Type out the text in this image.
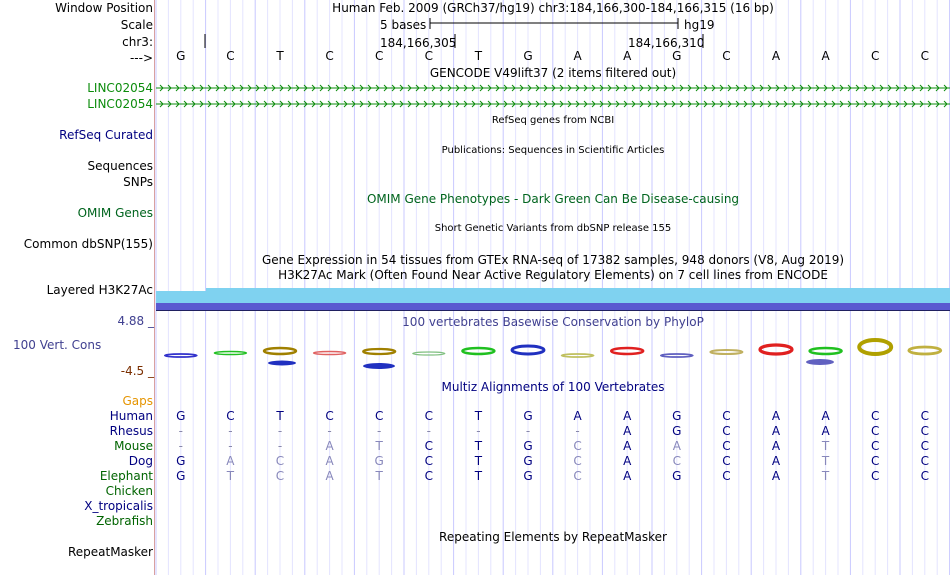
Window Position
Scale
chr3:
--->
Human Feb. 2009 (GRCh37/hg19) chr3:184,166,300-184,166,315 (16 bp)
5 bases	hg19
184,166,305	184,166,310
G	C	T	C	C	C	T	G	A	A	G	C	A	A	C	C
GENCODE V49lift37 (2 items filtered out)
LINC02054
LINC02054
RefSeq genes from NCBI
RefSeq Curated
Publications: Sequences in Scientific Articles
Sequences
SNPs
OMIM Gene Phenotypes - Dark Green Can Be Disease-causing
OMIM Genes
Short Genetic Variants from dbSNP release 155
Common dbSNP(155)
Gene Expression in 54 tissues from GTEx RNA-seq of 17382 samples, 948 donors (V8, Aug 2019)
H3K27Ac Mark (Often Found Near Active Regulatory Elements) on 7 cell lines from ENCODE
Layered H3K27Ac
4.88 _	100 vertebrates Basewise Conservation by PhyloP
100 Vert. Cons
-4.5 _
Multiz Alignments of 100 Vertebrates
Gaps
Human	G	C	T	C	C	C	T	G	A	A	G	C	A	A	C	C
Rhesus	-	-	-	-	-	-	-	-	-	A	G	C	A	A	C	C
Mouse	-	-	-	A	T	C	T	G	C	A	A	C	A	T	C	C
Dog	G	A	C	A	G	C	T	G	C	A	C	C	A	T	C	C
Elephant	G	T	C	A	T	C	T	G	C	A	G	C	A	T	C	C
Chicken
X_tropicalis
Zebrafish
Repeating Elements by RepeatMasker
RepeatMasker
